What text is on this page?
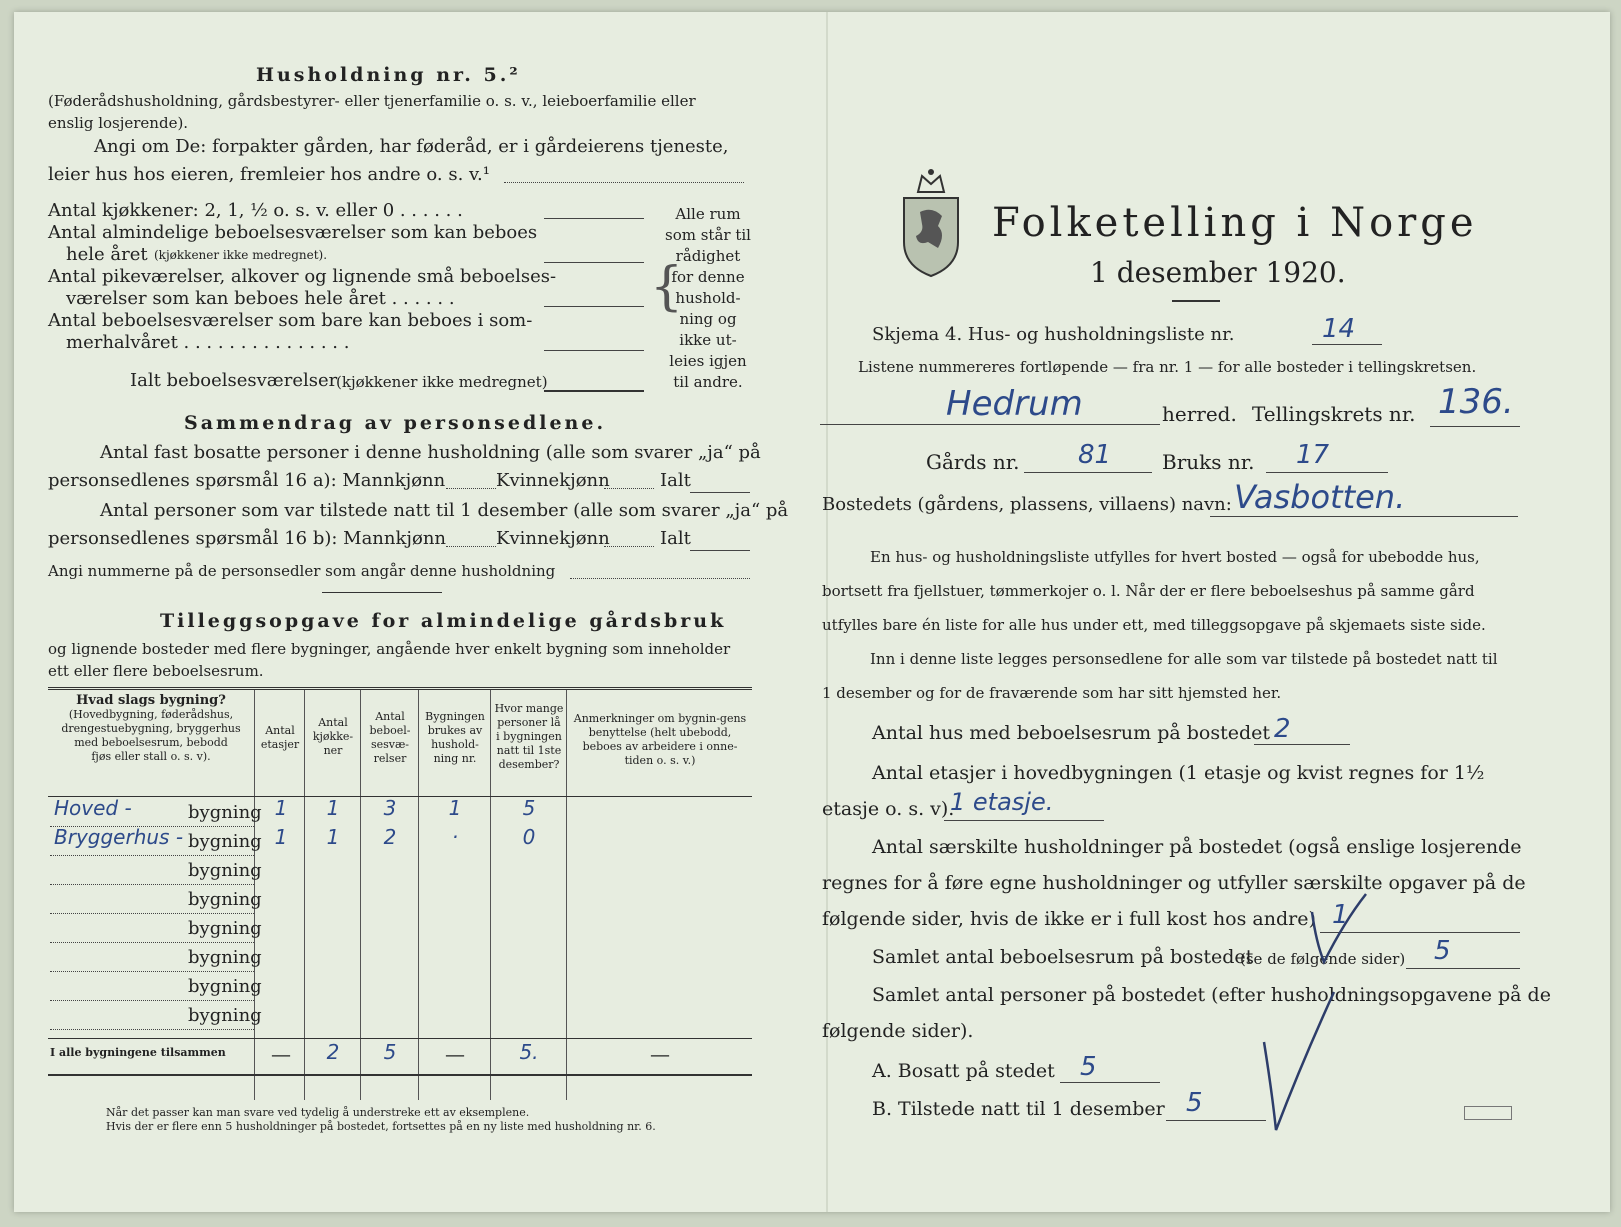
Husholdning nr. 5.²
(Føderådshusholdning, gårdsbestyrer- eller tjenerfamilie o. s. v., leieboerfamilie eller
enslig losjerende).
Angi om De: forpakter gården, har føderåd, er i gårdeierens tjeneste,
leier hus hos eieren, fremleier hos andre o. s. v.¹
Antal kjøkkener: 2, 1, ½ o. s. v. eller 0 . . . . . .
Antal almindelige beboelsesværelser som kan beboes
hele året (kjøkkener ikke medregnet).
Antal pikeværelser, alkover og lignende små beboelses-
værelser som kan beboes hele året . . . . . .
Antal beboelsesværelser som bare kan beboes i som-
merhalvåret . . . . . . . . . . . . . . .
Ialt beboelsesværelser
(kjøkkener ikke medregnet)
{
Alle rum
som står til
rådighet
for denne
hushold-
ning og
ikke ut-
leies igjen
til andre.
Sammendrag av personsedlene.
Antal fast bosatte personer i denne husholdning (alle som svarer „ja“ på
personsedlenes spørsmål 16 a): Mannkjønn	Kvinnekjønn	Ialt
Antal personer som var tilstede natt til 1 desember (alle som svarer „ja“ på
personsedlenes spørsmål 16 b): Mannkjønn	Kvinnekjønn	Ialt
Angi nummerne på de personsedler som angår denne husholdning
Tilleggsopgave for almindelige gårdsbruk
og lignende bosteder med flere bygninger, angående hver enkelt bygning som inneholder
ett eller flere beboelsesrum.
Hvad slags bygning?
(Hovedbygning, føderådshus,
drengestuebygning, bryggerhus
med beboelsesrum, bebodd
fjøs eller stall o. s. v).
Antal etasjer
Antal kjøkke-ner
Antal beboel-sesvæ-relser
Bygningen brukes av hushold-ning nr.
Hvor mange personer lå i bygningen natt til 1ste desember?
Anmerkninger om bygnin-gens benyttelse (helt ubebodd, beboes av arbeidere i onne-tiden o. s. v.)
Hoved -	bygning 1	1	3	1	5
Bryggerhus - bygning 1	1	2	·	0
bygning
bygning
bygning
bygning
bygning
bygning
I alle bygningene tilsammen	—	2	5	—	5.	—
Når det passer kan man svare ved tydelig å understreke ett av eksemplene.
Hvis der er flere enn 5 husholdninger på bostedet, fortsettes på en ny liste med husholdning nr. 6.
Folketelling i Norge
1 desember 1920.
Skjema 4. Hus- og husholdningsliste nr.	14
Listene nummereres fortløpende — fra nr. 1 — for alle bosteder i tellingskretsen.
Hedrum	herred. Tellingskrets nr. 136.
Gårds nr. 81	Bruks nr. 17
Bostedets (gårdens, plassens, villaens) navn: Vasbotten.
En hus- og husholdningsliste utfylles for hvert bosted — også for ubebodde hus,
bortsett fra fjellstuer, tømmerkojer o. l. Når der er flere beboelseshus på samme gård
utfylles bare én liste for alle hus under ett, med tilleggsopgave på skjemaets siste side.
Inn i denne liste legges personsedlene for alle som var tilstede på bostedet natt til
1 desember og for de fraværende som har sitt hjemsted her.
Antal hus med beboelsesrum på bostedet 2
Antal etasjer i hovedbygningen (1 etasje og kvist regnes for 1½
etasje o. s. v).
1 etasje.
Antal særskilte husholdninger på bostedet (også enslige losjerende
regnes for å føre egne husholdninger og utfyller særskilte opgaver på de
følgende sider, hvis de ikke er i full kost hos andre) 1
Samlet antal beboelsesrum på bostedet
(se de følgende sider) 5
Samlet antal personer på bostedet (efter husholdningsopgavene på de
følgende sider).
A. Bosatt på stedet 5
B. Tilstede natt til 1 desember 5
